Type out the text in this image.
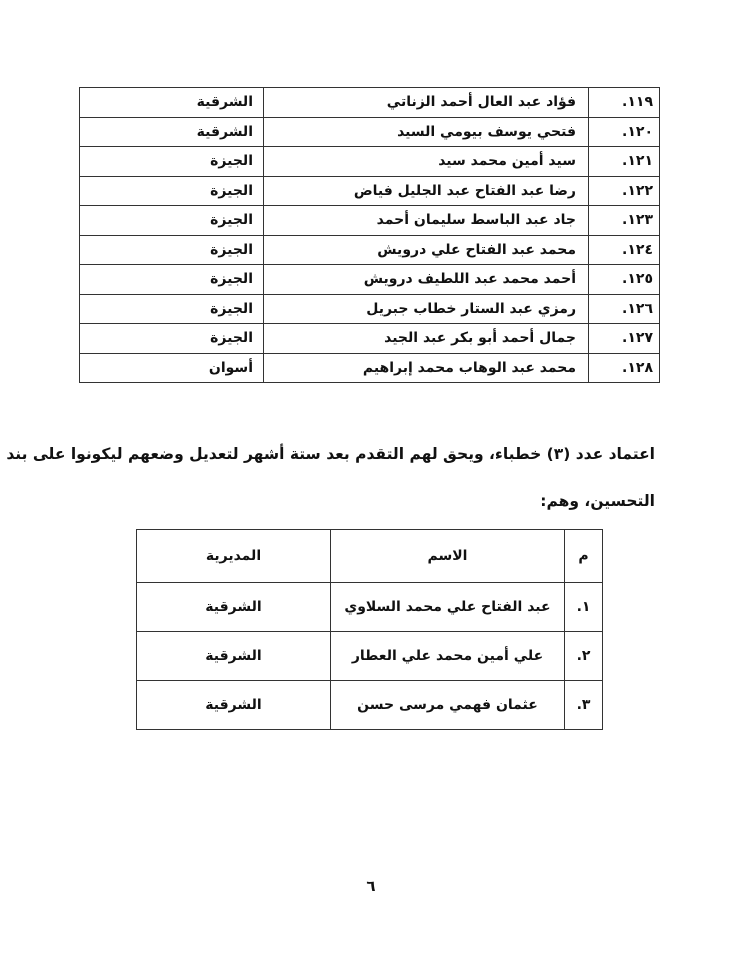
١١٩.	فؤاد عبد العال أحمد الزناتي	الشرقية
١٢٠.	فتحي يوسف بيومي السيد	الشرقية
١٢١.	سيد أمين محمد سيد	الجيزة
١٢٢.	رضا عبد الفتاح عبد الجليل فياض	الجيزة
١٢٣.	جاد عبد الباسط سليمان أحمد	الجيزة
١٢٤.	محمد عبد الفتاح علي درويش	الجيزة
١٢٥.	أحمد محمد عبد اللطيف درويش	الجيزة
١٢٦.	رمزي عبد الستار خطاب جبريل	الجيزة
١٢٧.	جمال أحمد أبو بكر عبد الجيد	الجيزة
١٢٨.	محمد عبد الوهاب محمد إبراهيم	أسوان
اعتماد عدد (٣) خطباء، ويحق لهم التقدم بعد ستة أشهر لتعديل وضعهم ليكونوا على بند
التحسين، وهم:
م	الاسم	المديرية
١.	عبد الفتاح علي محمد السلاوي	الشرقية
٢.	علي أمين محمد علي العطار	الشرقية
٣.	عثمان فهمي مرسى حسن	الشرقية
٦
